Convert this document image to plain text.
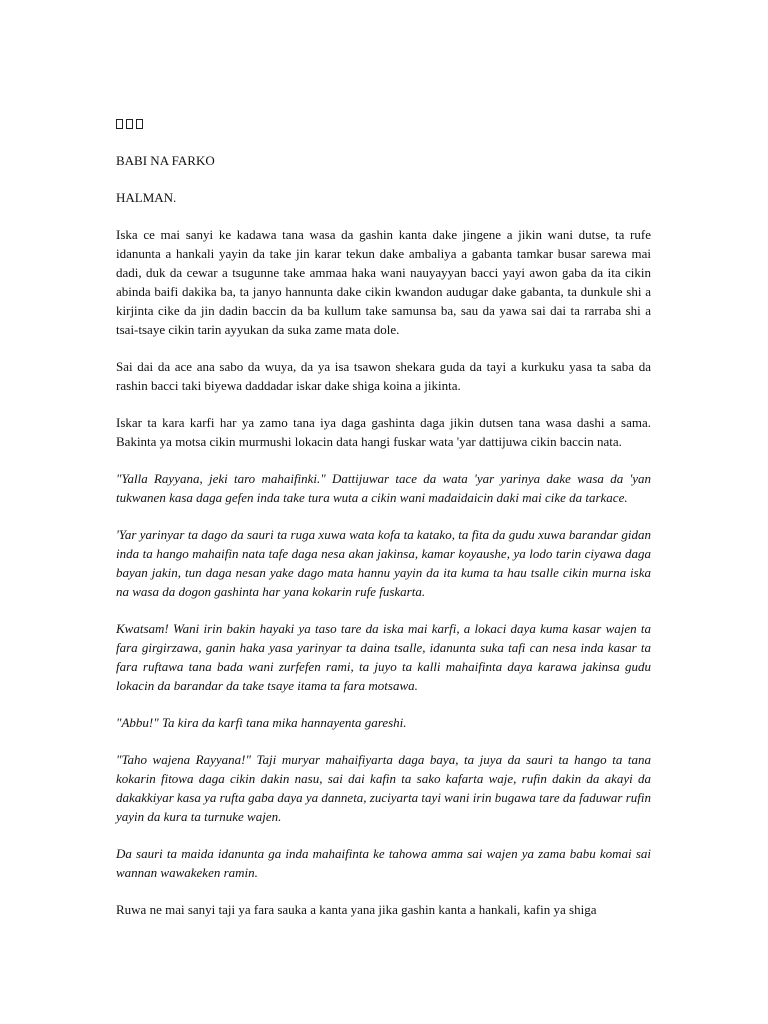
BABI NA FARKO

HALMAN.

Iska ce mai sanyi ke kadawa tana wasa da gashin kanta dake jingene a jikin wani dutse, ta rufe idanunta a hankali yayin da take jin karar tekun dake ambaliya a gabanta tamkar busar sarewa mai dadi, duk da cewar a tsugunne take ammaa haka wani nauyayyan bacci yayi awon gaba da ita cikin abinda baifi dakika ba, ta janyo hannunta dake cikin kwandon audugar dake gabanta, ta dunkule shi a kirjinta cike da jin dadin baccin da ba kullum take samunsa ba, sau da yawa sai dai ta rarraba shi a tsai-tsaye cikin tarin ayyukan da suka zame mata dole.

Sai dai da ace ana sabo da wuya, da ya isa tsawon shekara guda da tayi a kurkuku yasa ta saba da rashin bacci taki biyewa daddadar iskar dake shiga koina a jikinta.

Iskar ta kara karfi har ya zamo tana iya daga gashinta daga jikin dutsen tana wasa dashi a sama. Bakinta ya motsa cikin murmushi lokacin data hangi fuskar wata 'yar dattijuwa cikin baccin nata.

"Yalla Rayyana, jeki taro mahaifinki." Dattijuwar tace da wata 'yar yarinya dake wasa da 'yan tukwanen kasa daga gefen inda take tura wuta a cikin wani madaidaicin daki mai cike da tarkace.

'Yar yarinyar ta dago da sauri ta ruga xuwa wata kofa ta katako, ta fita da gudu xuwa barandar gidan inda ta hango mahaifin nata tafe daga nesa akan jakinsa, kamar koyaushe, ya lodo tarin ciyawa daga bayan jakin, tun daga nesan yake dago mata hannu yayin da ita kuma ta hau tsalle cikin murna iska na wasa da dogon gashinta har yana kokarin rufe fuskarta.

Kwatsam! Wani irin bakin hayaki ya taso tare da iska mai karfi, a lokaci daya kuma kasar wajen ta fara girgirzawa, ganin haka yasa yarinyar ta daina tsalle, idanunta suka tafi can nesa inda kasar ta fara ruftawa tana bada wani zurfefen rami, ta juyo ta kalli mahaifinta daya karawa jakinsa gudu lokacin da barandar da take tsaye itama ta fara motsawa.

"Abbu!" Ta kira da karfi tana mika hannayenta gareshi.

"Taho wajena Rayyana!" Taji muryar mahaifiyarta daga baya, ta juya da sauri ta hango ta tana kokarin fitowa daga cikin dakin nasu, sai dai kafin ta sako kafarta waje, rufin dakin da akayi da dakakkiyar kasa ya rufta gaba daya ya danneta, zuciyarta tayi wani irin bugawa tare da faduwar rufin yayin da kura ta turnuke wajen.

Da sauri ta maida idanunta ga inda mahaifinta ke tahowa amma sai wajen ya zama babu komai sai wannan wawakeken ramin.

Ruwa ne mai sanyi taji ya fara sauka a kanta yana jika gashin kanta a hankali, kafin ya shiga
